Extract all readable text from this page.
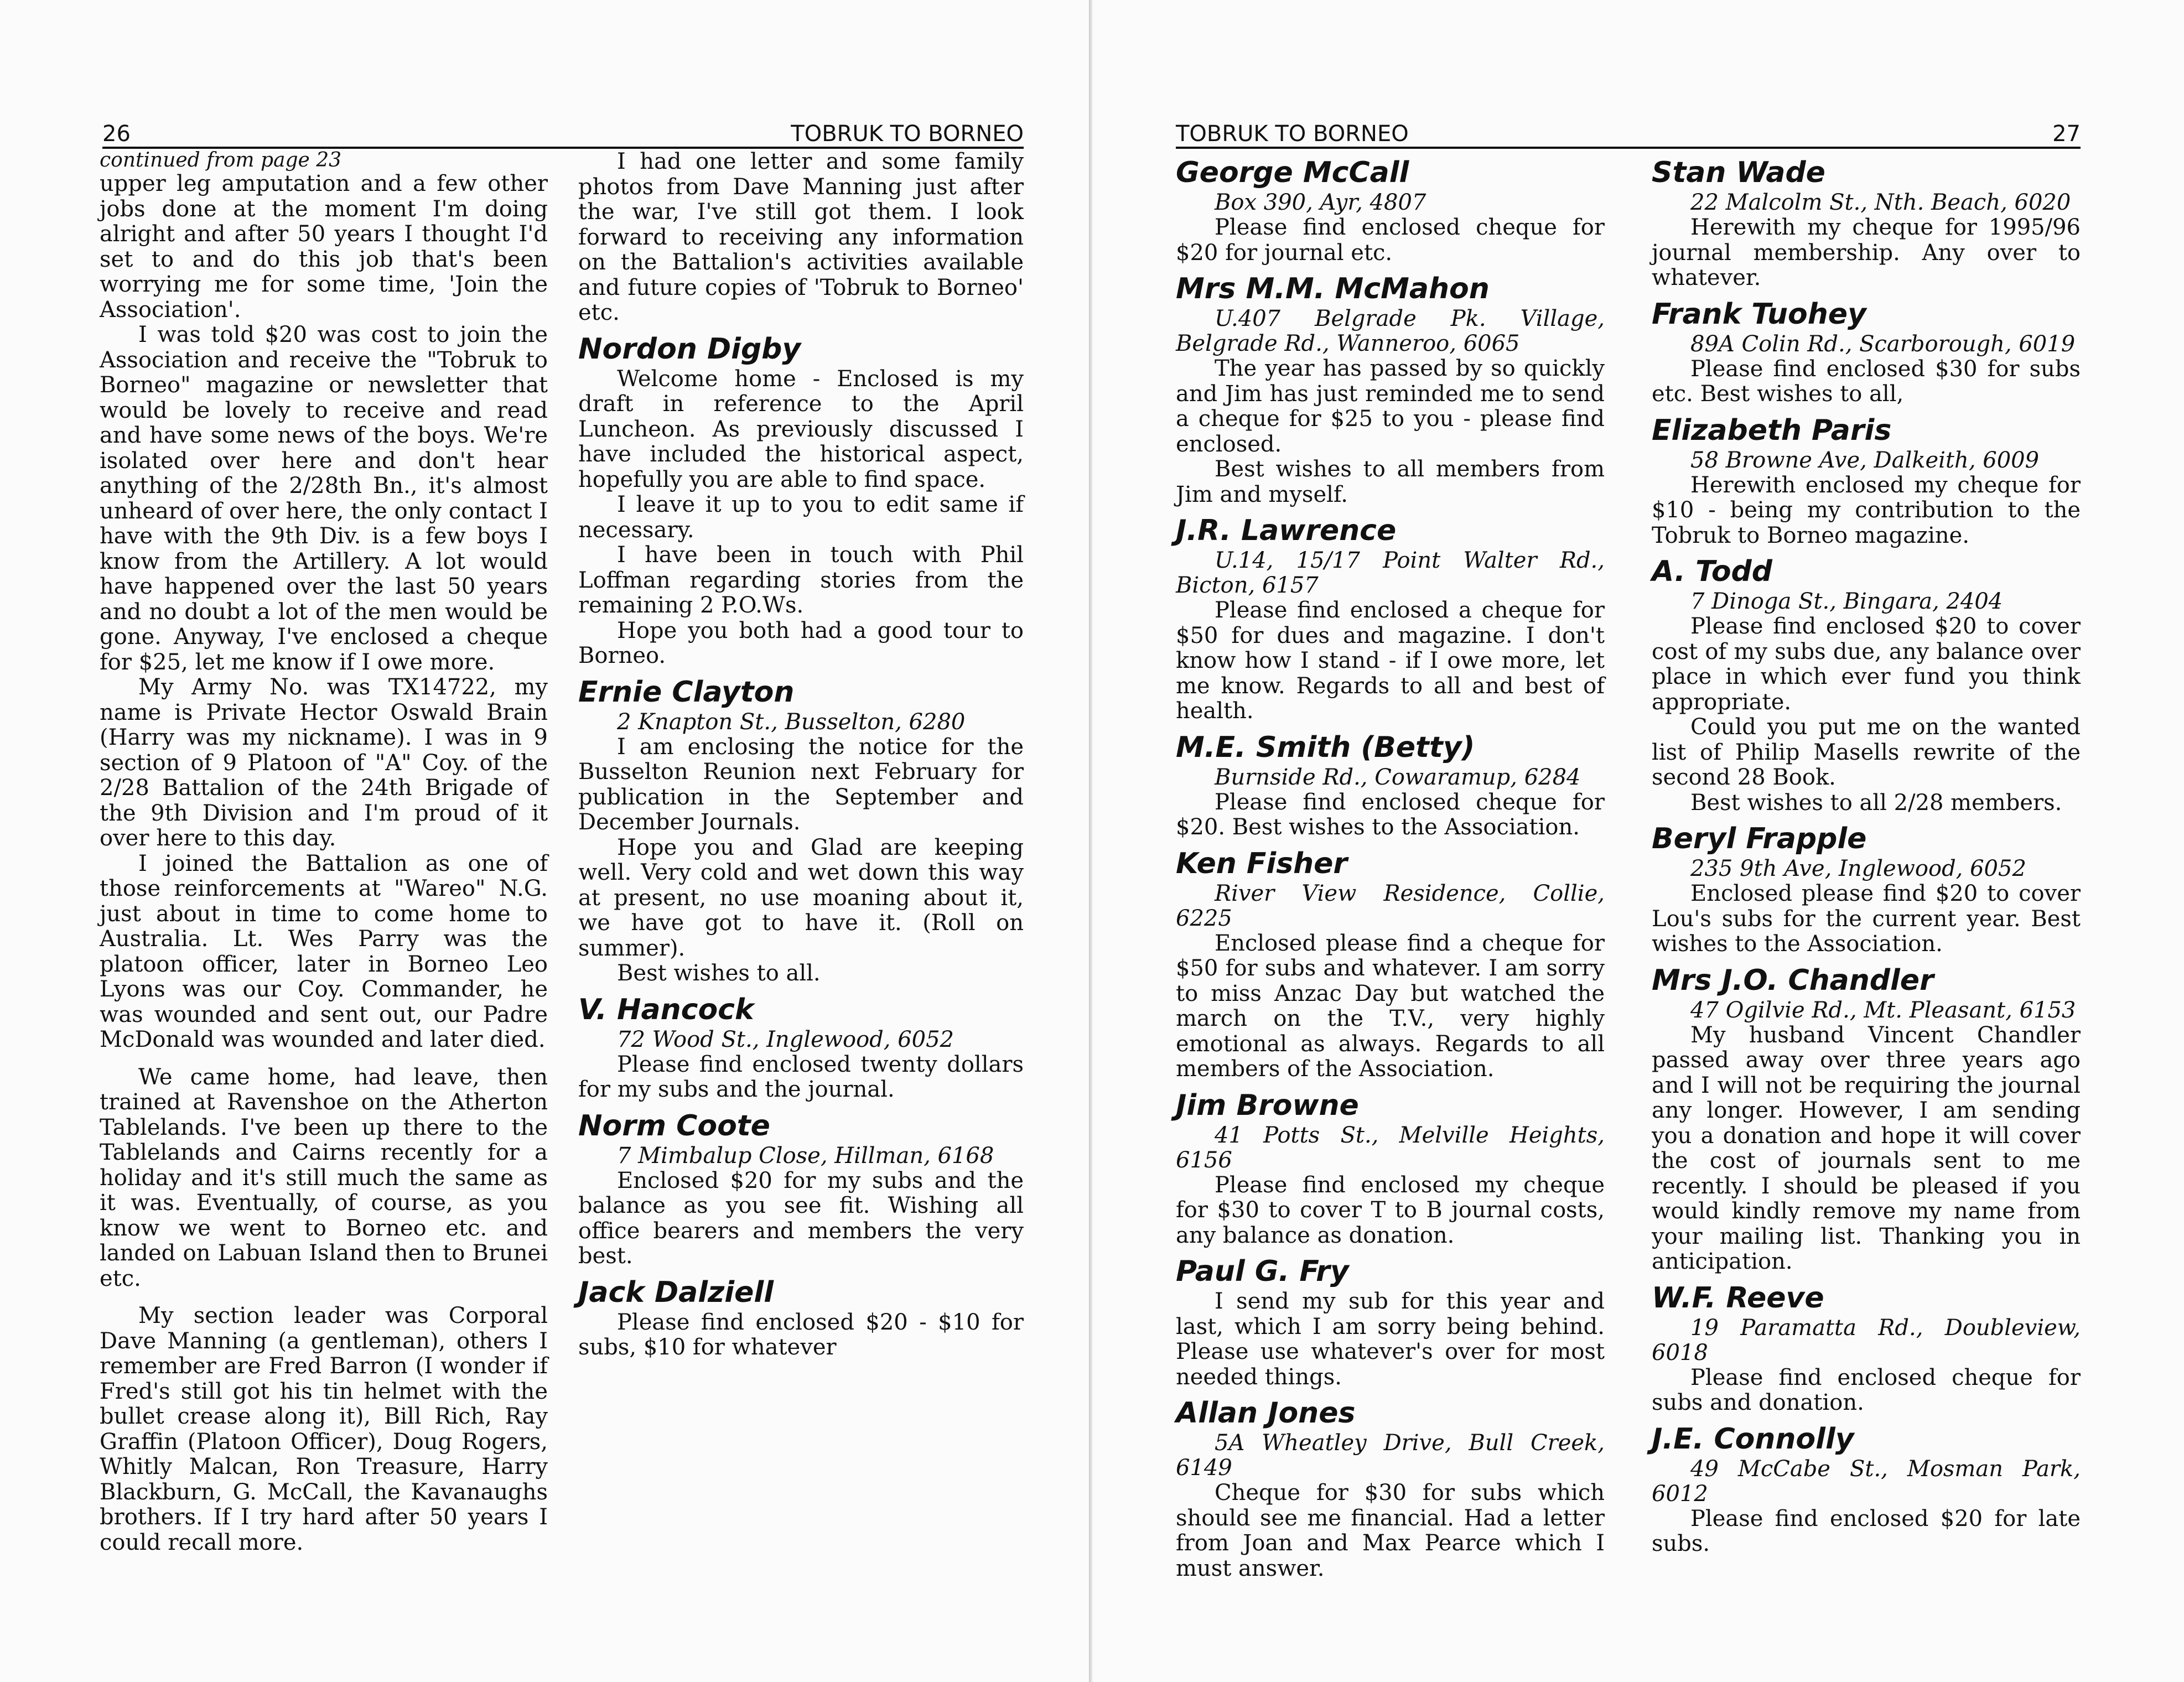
26	TOBRUK TO BORNEO

continued from page 23

upper leg amputation and a few other jobs done at the moment I'm doing alright and after 50 years I thought I'd set to and do this job that's been worrying me for some time, 'Join the Association'.

I was told $20 was cost to join the Association and receive the "Tobruk to Borneo" magazine or newsletter that would be lovely to receive and read and have some news of the boys. We're isolated over here and don't hear anything of the 2/28th Bn., it's almost unheard of over here, the only contact I have with the 9th Div. is a few boys I know from the Artillery. A lot would have happened over the last 50 years and no doubt a lot of the men would be gone. Anyway, I've enclosed a cheque for $25, let me know if I owe more.

My Army No. was TX14722, my name is Private Hector Oswald Brain (Harry was my nickname). I was in 9 section of 9 Platoon of "A" Coy. of the 2/28 Battalion of the 24th Brigade of the 9th Division and I'm proud of it over here to this day.

I joined the Battalion as one of those reinforcements at "Wareo" N.G. just about in time to come home to Australia. Lt. Wes Parry was the platoon officer, later in Borneo Leo Lyons was our Coy. Commander, he was wounded and sent out, our Padre McDonald was wounded and later died.

We came home, had leave, then trained at Ravenshoe on the Atherton Tablelands. I've been up there to the Tablelands and Cairns recently for a holiday and it's still much the same as it was. Eventually, of course, as you know we went to Borneo etc. and landed on Labuan Island then to Brunei etc.

My section leader was Corporal Dave Manning (a gentleman), others I remember are Fred Barron (I wonder if Fred's still got his tin helmet with the bullet crease along it), Bill Rich, Ray Graffin (Platoon Officer), Doug Rogers, Whitly Malcan, Ron Treasure, Harry Blackburn, G. McCall, the Kavanaughs brothers. If I try hard after 50 years I could recall more.

I had one letter and some family photos from Dave Manning just after the war, I've still got them. I look forward to receiving any information on the Battalion's activities available and future copies of 'Tobruk to Borneo' etc.

Nordon Digby

Welcome home - Enclosed is my draft in reference to the April Luncheon. As previously discussed I have included the historical aspect, hopefully you are able to find space.

I leave it up to you to edit same if necessary.

I have been in touch with Phil Loffman regarding stories from the remaining 2 P.O.Ws.

Hope you both had a good tour to Borneo.

Ernie Clayton

2 Knapton St., Busselton, 6280

I am enclosing the notice for the Busselton Reunion next February for publication in the September and December Journals.

Hope you and Glad are keeping well. Very cold and wet down this way at present, no use moaning about it, we have got to have it. (Roll on summer).

Best wishes to all.

V. Hancock

72 Wood St., Inglewood, 6052

Please find enclosed twenty dollars for my subs and the journal.

Norm Coote

7 Mimbalup Close, Hillman, 6168

Enclosed $20 for my subs and the balance as you see fit. Wishing all office bearers and members the very best.

Jack Dalziell

Please find enclosed $20 - $10 for subs, $10 for whatever

TOBRUK TO BORNEO	27
George McCall

Box 390, Ayr, 4807

Please find enclosed cheque for $20 for journal etc.

Mrs M.M. McMahon

U.407 Belgrade Pk. Village, Belgrade Rd., Wanneroo, 6065

The year has passed by so quickly and Jim has just reminded me to send a cheque for $25 to you - please find enclosed.

Best wishes to all members from Jim and myself.

J.R. Lawrence

U.14, 15/17 Point Walter Rd., Bicton, 6157

Please find enclosed a cheque for $50 for dues and magazine. I don't know how I stand - if I owe more, let me know. Regards to all and best of health.

M.E. Smith (Betty)

Burnside Rd., Cowaramup, 6284

Please find enclosed cheque for $20. Best wishes to the Association.

Ken Fisher

River View Residence, Collie, 6225

Enclosed please find a cheque for $50 for subs and whatever. I am sorry to miss Anzac Day but watched the march on the T.V., very highly emotional as always. Regards to all members of the Association.

Jim Browne

41 Potts St., Melville Heights, 6156

Please find enclosed my cheque for $30 to cover T to B journal costs, any balance as donation.

Paul G. Fry

I send my sub for this year and last, which I am sorry being behind. Please use whatever's over for most needed things.

Allan Jones

5A Wheatley Drive, Bull Creek, 6149

Cheque for $30 for subs which should see me financial. Had a letter from Joan and Max Pearce which I must answer.

Stan Wade

22 Malcolm St., Nth. Beach, 6020

Herewith my cheque for 1995/96 journal membership. Any over to whatever.

Frank Tuohey

89A Colin Rd., Scarborough, 6019

Please find enclosed $30 for subs etc. Best wishes to all,

Elizabeth Paris

58 Browne Ave, Dalkeith, 6009

Herewith enclosed my cheque for $10 - being my contribution to the Tobruk to Borneo magazine.

A. Todd

7 Dinoga St., Bingara, 2404

Please find enclosed $20 to cover cost of my subs due, any balance over place in which ever fund you think appropriate.

Could you put me on the wanted list of Philip Masells rewrite of the second 28 Book.

Best wishes to all 2/28 members.

Beryl Frapple

235 9th Ave, Inglewood, 6052

Enclosed please find $20 to cover Lou's subs for the current year. Best wishes to the Association.

Mrs J.O. Chandler

47 Ogilvie Rd., Mt. Pleasant, 6153

My husband Vincent Chandler passed away over three years ago and I will not be requiring the journal any longer. However, I am sending you a donation and hope it will cover the cost of journals sent to me recently. I should be pleased if you would kindly remove my name from your mailing list. Thanking you in anticipation.

W.F. Reeve

19 Paramatta Rd., Doubleview, 6018

Please find enclosed cheque for subs and donation.

J.E. Connolly

49 McCabe St., Mosman Park, 6012

Please find enclosed $20 for late subs.
